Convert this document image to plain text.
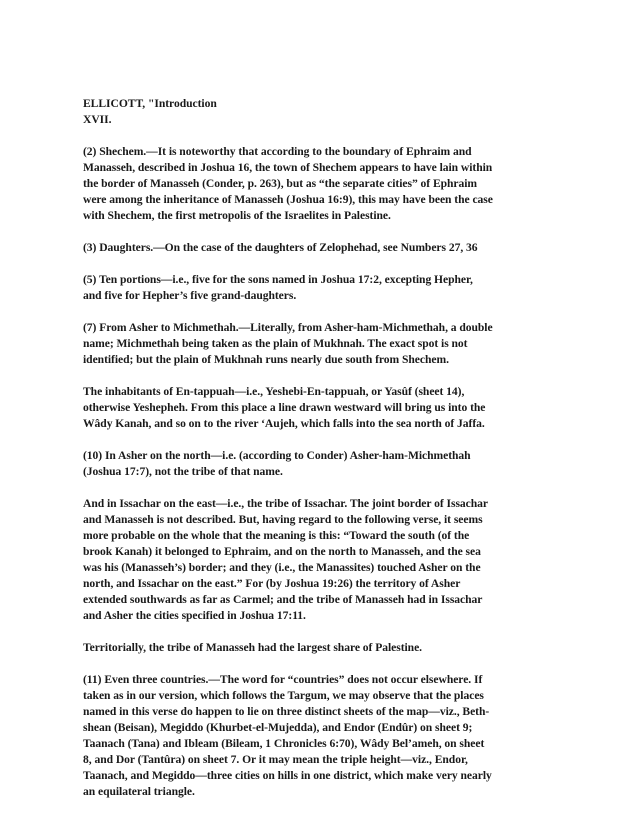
ELLICOTT, "Introduction

XVII.

(2) Shechem.—It is noteworthy that according to the boundary of Ephraim and
Manasseh, described in Joshua 16, the town of Shechem appears to have lain within
the border of Manasseh (Conder, p. 263), but as “the separate cities” of Ephraim
were among the inheritance of Manasseh (Joshua 16:9), this may have been the case
with Shechem, the first metropolis of the Israelites in Palestine.

(3) Daughters.—On the case of the daughters of Zelophehad, see Numbers 27, 36

(5) Ten portions—i.e., five for the sons named in Joshua 17:2, excepting Hepher,
and five for Hepher’s five grand-daughters.

(7) From Asher to Michmethah.—Literally, from Asher-ham-Michmethah, a double
name; Michmethah being taken as the plain of Mukhnah. The exact spot is not
identified; but the plain of Mukhnah runs nearly due south from Shechem.

The inhabitants of En-tappuah—i.e., Yeshebi-En-tappuah, or Yasûf (sheet 14),
otherwise Yeshepheh. From this place a line drawn westward will bring us into the
Wâdy Kanah, and so on to the river ‘Aujeh, which falls into the sea north of Jaffa.

(10) In Asher on the north—i.e. (according to Conder) Asher-ham-Michmethah
(Joshua 17:7), not the tribe of that name.

And in Issachar on the east—i.e., the tribe of Issachar. The joint border of Issachar
and Manasseh is not described. But, having regard to the following verse, it seems
more probable on the whole that the meaning is this: “Toward the south (of the
brook Kanah) it belonged to Ephraim, and on the north to Manasseh, and the sea
was his (Manasseh’s) border; and they (i.e., the Manassites) touched Asher on the
north, and Issachar on the east.” For (by Joshua 19:26) the territory of Asher
extended southwards as far as Carmel; and the tribe of Manasseh had in Issachar
and Asher the cities specified in Joshua 17:11.

Territorially, the tribe of Manasseh had the largest share of Palestine.

(11) Even three countries.—The word for “countries” does not occur elsewhere. If
taken as in our version, which follows the Targum, we may observe that the places
named in this verse do happen to lie on three distinct sheets of the map—viz., Beth-
shean (Beisan), Megiddo (Khurbet-el-Mujedda), and Endor (Endûr) on sheet 9;
Taanach (Tana) and Ibleam (Bileam, 1 Chronicles 6:70), Wâdy Bel’ameh, on sheet
8, and Dor (Tantûra) on sheet 7. Or it may mean the triple height—viz., Endor,
Taanach, and Megiddo—three cities on hills in one district, which make very nearly
an equilateral triangle.
